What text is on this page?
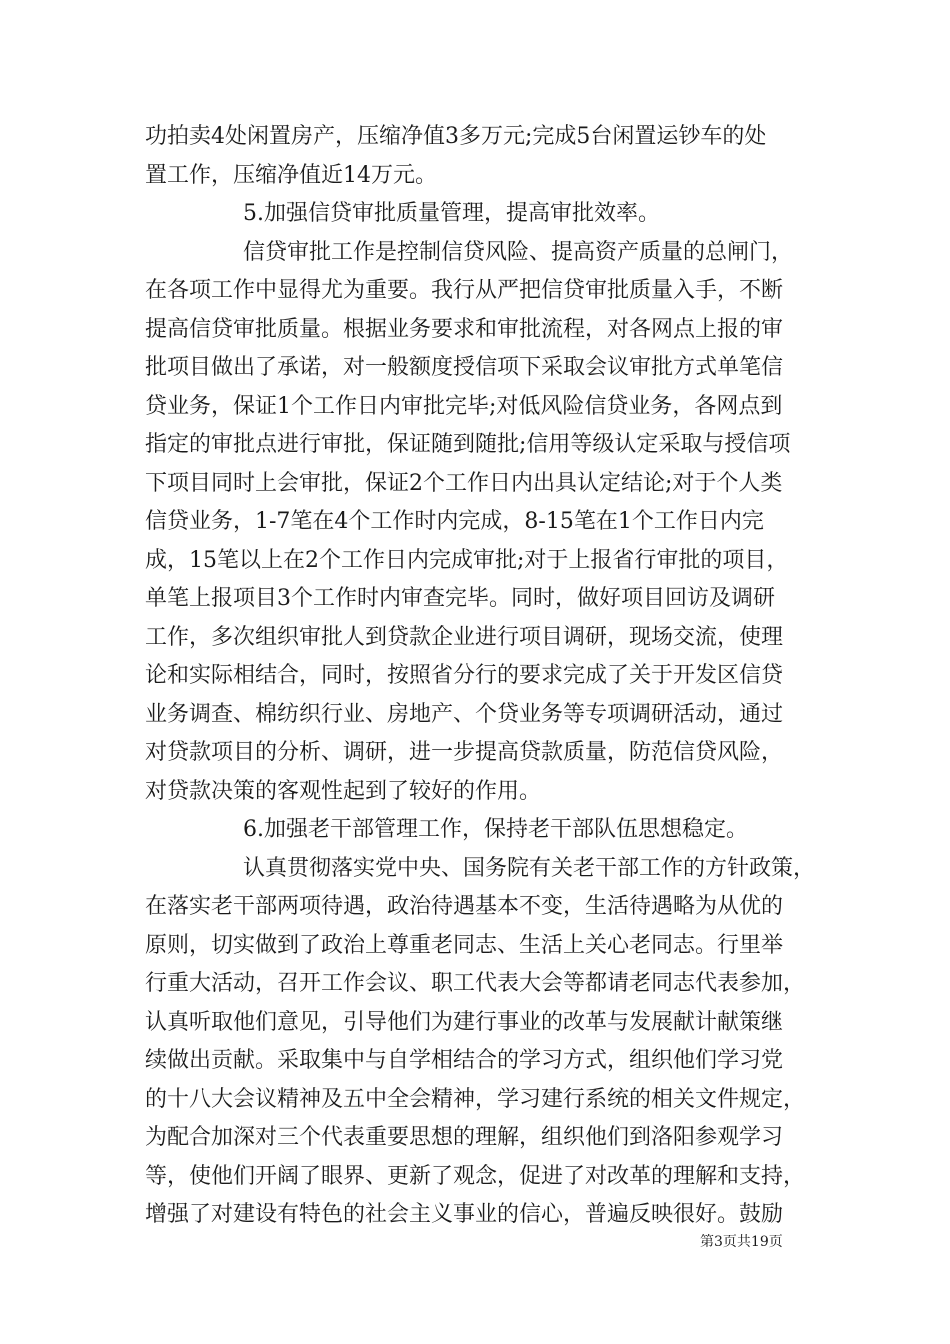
功拍卖4处闲置房产，压缩净值3多万元;完成5台闲置运钞车的处
置工作，压缩净值近14万元。
5.加强信贷审批质量管理，提高审批效率。
信贷审批工作是控制信贷风险、提高资产质量的总闸门，
在各项工作中显得尤为重要。我行从严把信贷审批质量入手，不断
提高信贷审批质量。根据业务要求和审批流程，对各网点上报的审
批项目做出了承诺，对一般额度授信项下采取会议审批方式单笔信
贷业务，保证1个工作日内审批完毕;对低风险信贷业务，各网点到
指定的审批点进行审批，保证随到随批;信用等级认定采取与授信项
下项目同时上会审批，保证2个工作日内出具认定结论;对于个人类
信贷业务，1-7笔在4个工作时内完成，8-15笔在1个工作日内完
成，15笔以上在2个工作日内完成审批;对于上报省行审批的项目，
单笔上报项目3个工作时内审查完毕。同时，做好项目回访及调研
工作，多次组织审批人到贷款企业进行项目调研，现场交流，使理
论和实际相结合，同时，按照省分行的要求完成了关于开发区信贷
业务调查、棉纺织行业、房地产、个贷业务等专项调研活动，通过
对贷款项目的分析、调研，进一步提高贷款质量，防范信贷风险，
对贷款决策的客观性起到了较好的作用。
6.加强老干部管理工作，保持老干部队伍思想稳定。
认真贯彻落实党中央、国务院有关老干部工作的方针政策，
在落实老干部两项待遇，政治待遇基本不变，生活待遇略为从优的
原则，切实做到了政治上尊重老同志、生活上关心老同志。行里举
行重大活动，召开工作会议、职工代表大会等都请老同志代表参加，
认真听取他们意见，引导他们为建行事业的改革与发展献计献策继
续做出贡献。采取集中与自学相结合的学习方式，组织他们学习党
的十八大会议精神及五中全会精神，学习建行系统的相关文件规定，
为配合加深对三个代表重要思想的理解，组织他们到洛阳参观学习
等，使他们开阔了眼界、更新了观念，促进了对改革的理解和支持，
增强了对建设有特色的社会主义事业的信心，普遍反映很好。鼓励
第3页共19页
